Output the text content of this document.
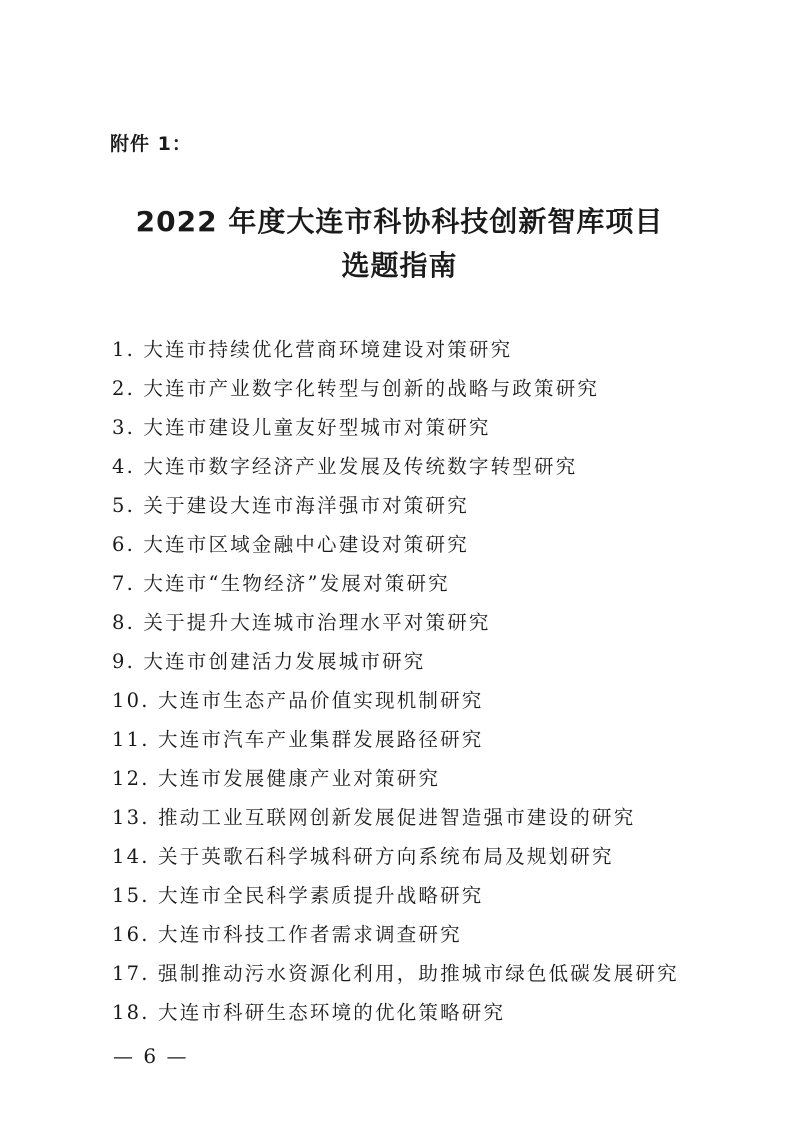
附件 1：
2022 年度大连市科协科技创新智库项目
选题指南
1. 大连市持续优化营商环境建设对策研究
2. 大连市产业数字化转型与创新的战略与政策研究
3. 大连市建设儿童友好型城市对策研究
4. 大连市数字经济产业发展及传统数字转型研究
5. 关于建设大连市海洋强市对策研究
6. 大连市区域金融中心建设对策研究
7. 大连市“生物经济”发展对策研究
8. 关于提升大连城市治理水平对策研究
9. 大连市创建活力发展城市研究
10. 大连市生态产品价值实现机制研究
11. 大连市汽车产业集群发展路径研究
12. 大连市发展健康产业对策研究
13. 推动工业互联网创新发展促进智造强市建设的研究
14. 关于英歌石科学城科研方向系统布局及规划研究
15. 大连市全民科学素质提升战略研究
16. 大连市科技工作者需求调查研究
17. 强制推动污水资源化利用，助推城市绿色低碳发展研究
18. 大连市科研生态环境的优化策略研究
— 6 —
